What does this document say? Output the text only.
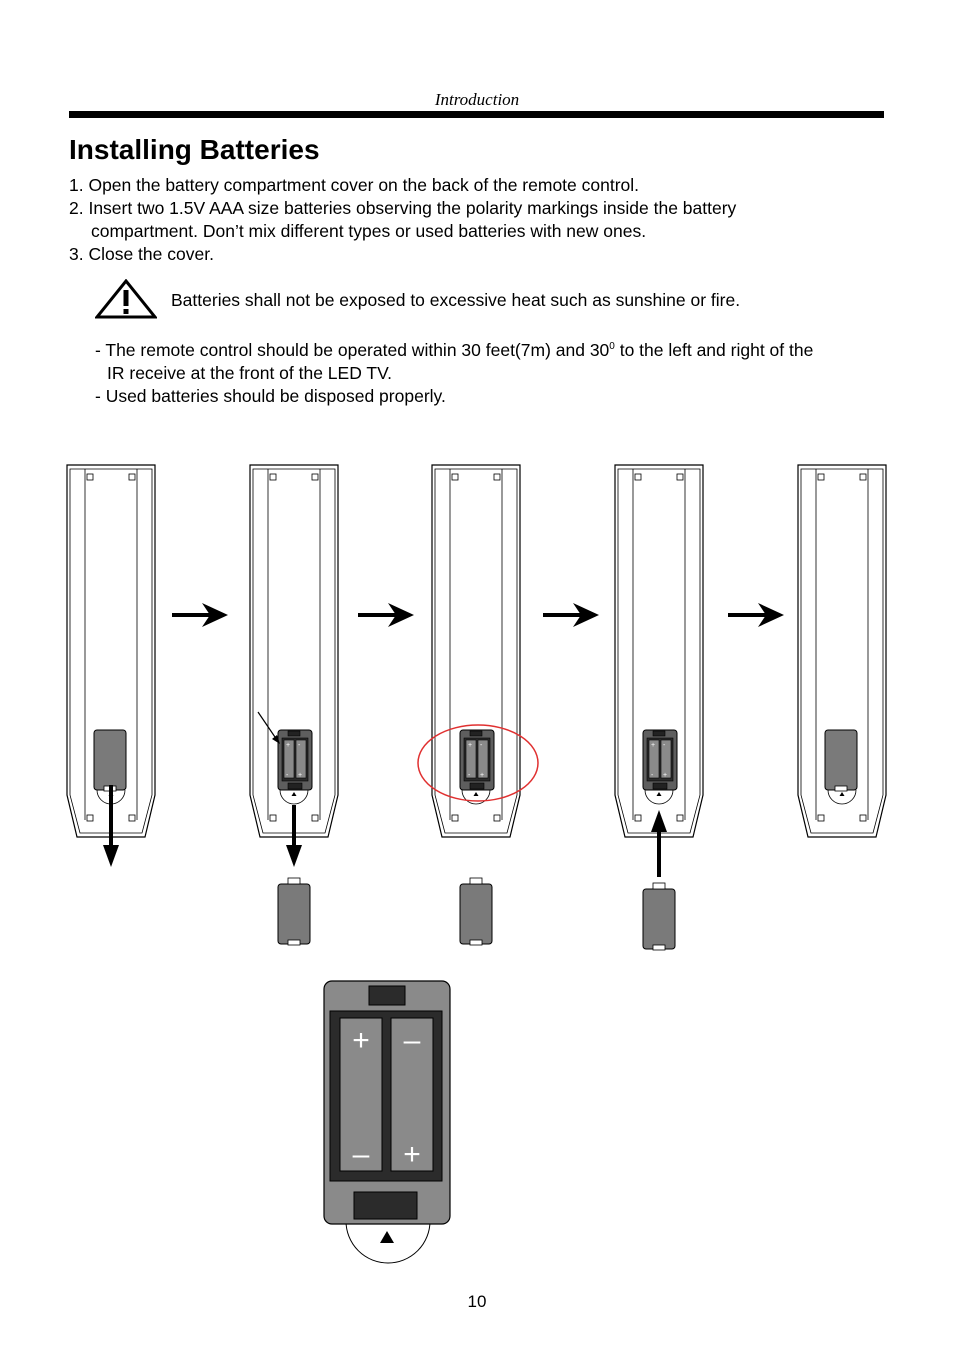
Introduction
Installing Batteries
1. Open the battery compartment cover on the back of the remote control.
2. Insert two 1.5V AAA size batteries observing the polarity markings inside the battery
compartment. Don’t mix different types or used batteries with new ones.
3. Close the cover.
Batteries shall not be exposed to excessive heat such as sunshine or fire.
- The remote control should be operated within 30 feet(7m) and $30^0$ to the left and right of the
IR receive at the front of the LED TV.
- Used batteries should be disposed properly.
+ -
- +
+ -
- +
+ -
- +
+ –
– +
10
